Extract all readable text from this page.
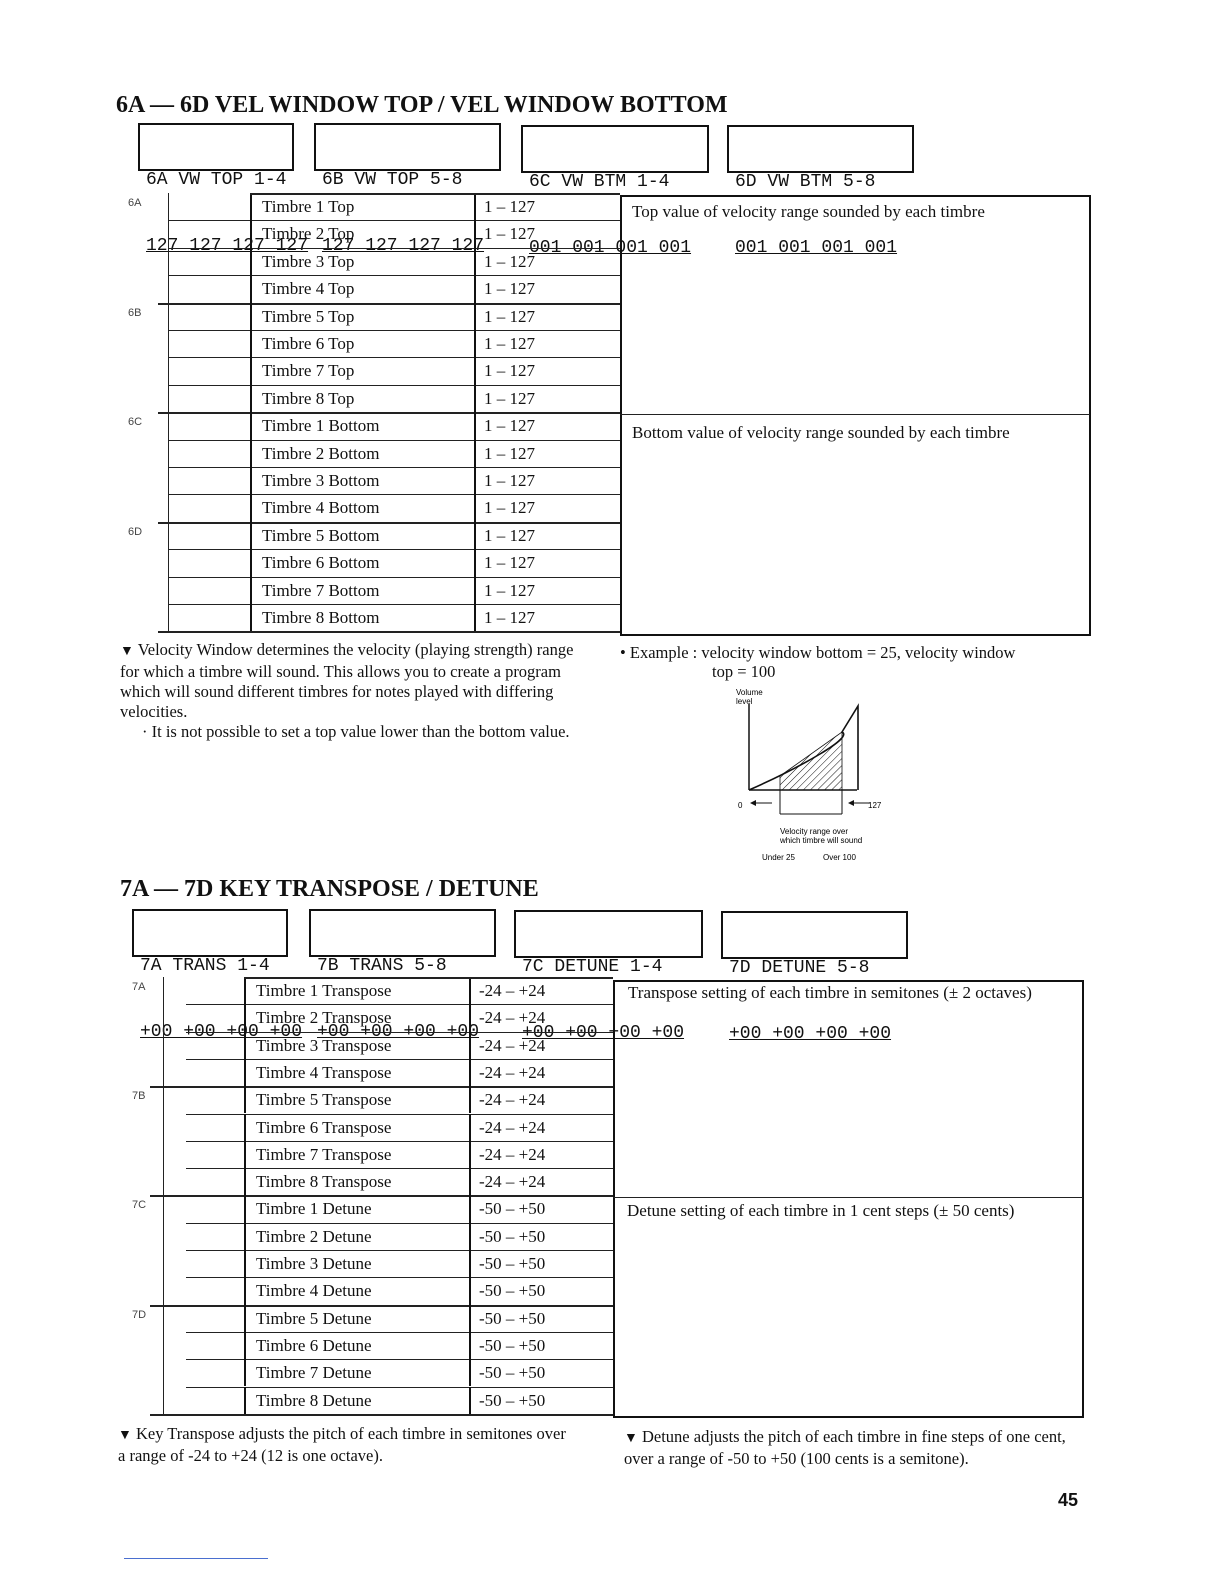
6A — 6D VEL WINDOW TOP / VEL WINDOW BOTTOM

6A VW TOP 1-4

127 127 127 127

6B VW TOP 5-8

127 127 127 127

6C VW BTM 1-4

001 001 001 001

6D VW BTM 5-8

001 001 001 001

Timbre 1 Top	1 – 127
Timbre 2 Top	1 – 127
Timbre 3 Top	1 – 127
Timbre 4 Top	1 – 127
Timbre 5 Top	1 – 127
Timbre 6 Top	1 – 127
Timbre 7 Top	1 – 127
Timbre 8 Top	1 – 127
Timbre 1 Bottom	1 – 127
Timbre 2 Bottom	1 – 127
Timbre 3 Bottom	1 – 127
Timbre 4 Bottom	1 – 127
Timbre 5 Bottom	1 – 127
Timbre 6 Bottom	1 – 127
Timbre 7 Bottom	1 – 127
Timbre 8 Bottom	1 – 127
6A
6B
6C
6D
Top value of velocity range sounded by each timbre
Bottom value of velocity range sounded by each timbre
▼ Velocity Window determines the velocity (playing strength) range for which a timbre will sound. This allows you to create a program which will sound different timbres for notes played with differing velocities.
· It is not possible to set a top value lower than the bottom value.
• Example : velocity window bottom = 25, velocity window
top = 100
Volume
level
0	127
Velocity range over
which timbre will sound
Under 25	Over 100
7A — 7D KEY TRANSPOSE / DETUNE

7A TRANS 1-4

+00 +00 +00 +00

7B TRANS 5-8

+00 +00 +00 +00

7C DETUNE 1-4

+00 +00 +00 +00

7D DETUNE 5-8

+00 +00 +00 +00

Timbre 1 Transpose	-24 – +24
Timbre 2 Transpose	-24 – +24
Timbre 3 Transpose	-24 – +24
Timbre 4 Transpose	-24 – +24
Timbre 5 Transpose	-24 – +24
Timbre 6 Transpose	-24 – +24
Timbre 7 Transpose	-24 – +24
Timbre 8 Transpose	-24 – +24
Timbre 1 Detune	-50 – +50
Timbre 2 Detune	-50 – +50
Timbre 3 Detune	-50 – +50
Timbre 4 Detune	-50 – +50
Timbre 5 Detune	-50 – +50
Timbre 6 Detune	-50 – +50
Timbre 7 Detune	-50 – +50
Timbre 8 Detune	-50 – +50
7A
7B
7C
7D
Transpose setting of each timbre in semitones (± 2 octaves)
Detune setting of each timbre in 1 cent steps (± 50 cents)
▼ Key Transpose adjusts the pitch of each timbre in semitones over a range of -24 to +24 (12 is one octave).
▼ Detune adjusts the pitch of each timbre in fine steps of one cent, over a range of -50 to +50 (100 cents is a semitone).
45
